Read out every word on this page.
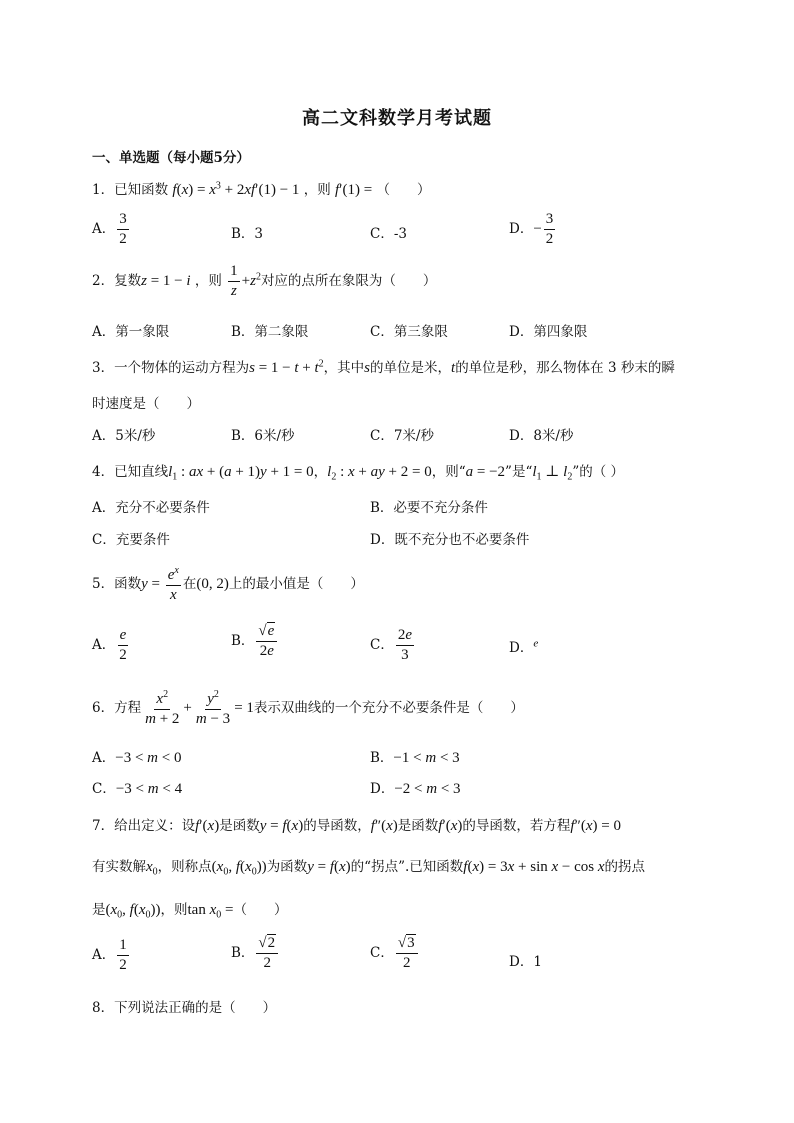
高二文科数学月考试题
一、单选题（每小题5分）
1．已知函数 $f(x) = x^3 + 2xf'(1) - 1$ ，则 f′(1) = （　　）
A． $\frac{3}{2}$	B．3	C．-3	D．− $\frac{3}{2}$
2．复数z = 1 − i ，则 $\frac{1}{z} +z^2$对应的点所在象限为（　　）
A．第一象限	B．第二象限	C．第三象限	D．第四象限
3．一个物体的运动方程为$s = 1 - t + t^2$，其中s的单位是米，t的单位是秒，那么物体在 3 秒末的瞬
时速度是（　　）
A．5米/秒	B．6米/秒	C．7米/秒	D．8米/秒
4．已知直线$l_1$ : ax + (a + 1)y + 1 = 0，$l_2$ : x + ay + 2 = 0，则“a = −2”是“$l_1$ ⊥ $l_2$”的（ ）
A．充分不必要条件	B．必要不充分条件
C．充要条件	D．既不充分也不必要条件
5．函数$y = \frac{e^x}{x}$ 在(0, 2)上的最小值是（　　）
A． $\frac{e}{2}$	B． $\frac{√e}{2e}$	C． $\frac{2e}{3}$	D．$^e$
6．方程 $\frac{x^2}{m + 2} + \frac{y^2}{m - 3} = 1$表示双曲线的一个充分不必要条件是（　　）
A．−3 < m < 0	B．−1 < m < 3
C．−3 < m < 4	D．−2 < m < 3
7．给出定义：设f′(x)是函数y = f(x)的导函数，f″(x)是函数f′(x)的导函数，若方程f″(x) = 0
有实数解$x_0$，则称点($x_0$, $f(x_0)$)为函数y = f(x)的“拐点”.已知函数f(x) = 3x + sin x − cos x的拐点
是($x_0$, $f(x_0)$)，则$\tan x_0$ =（　　）
A． $\frac{1}{2}$	B． $\frac{√2}{2}$	C． $\frac{√3}{2}$	D．1
8．下列说法正确的是（　　）
